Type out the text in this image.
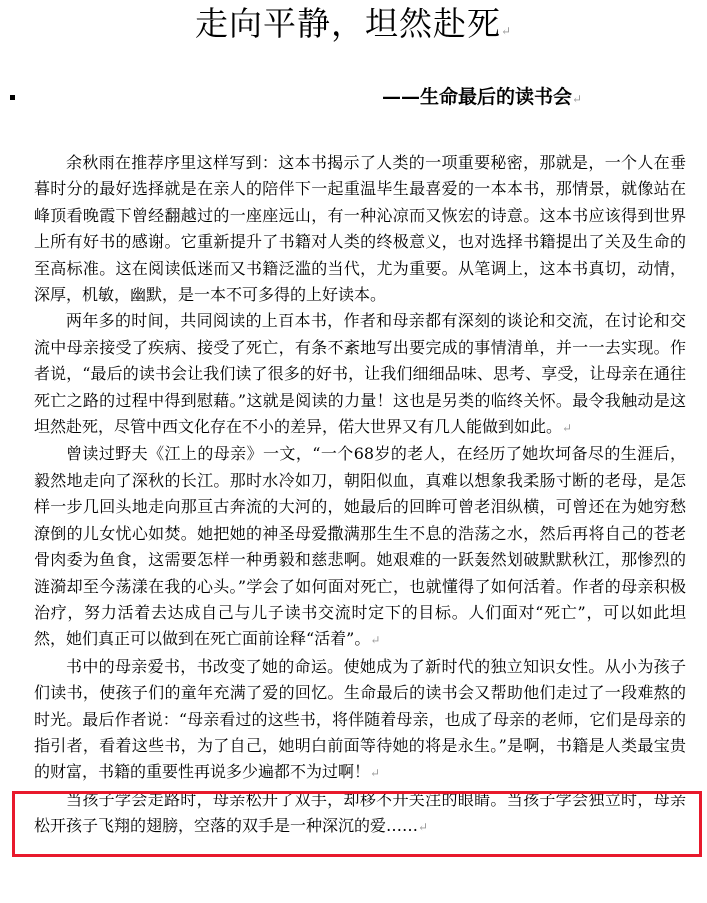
走向平静，坦然赴死↵
——生命最后的读书会↵

余秋雨在推荐序里这样写到：这本书揭示了人类的一项重要秘密，那就是，一个人在垂暮时分的最好选择就是在亲人的陪伴下一起重温毕生最喜爱的一本本书，那情景，就像站在峰顶看晚霞下曾经翻越过的一座座远山，有一种沁凉而又恢宏的诗意。这本书应该得到世界上所有好书的感谢。它重新提升了书籍对人类的终极意义，也对选择书籍提出了关及生命的至高标准。这在阅读低迷而又书籍泛滥的当代，尤为重要。从笔调上，这本书真切，动情，深厚，机敏，幽默，是一本不可多得的上好读本。

两年多的时间，共同阅读的上百本书，作者和母亲都有深刻的谈论和交流，在讨论和交流中母亲接受了疾病、接受了死亡，有条不紊地写出要完成的事情清单，并一一去实现。作者说，“最后的读书会让我们读了很多的好书，让我们细细品味、思考、享受，让母亲在通往死亡之路的过程中得到慰藉。”这就是阅读的力量！这也是另类的临终关怀。最令我触动是这坦然赴死，尽管中西文化存在不小的差异，偌大世界又有几人能做到如此。↵

曾读过野夫《江上的母亲》一文，“一个68岁的老人，在经历了她坎坷备尽的生涯后，毅然地走向了深秋的长江。那时水冷如刀，朝阳似血，真难以想象我柔肠寸断的老母，是怎样一步几回头地走向那亘古奔流的大河的，她最后的回眸可曾老泪纵横，可曾还在为她穷愁潦倒的儿女忧心如焚。她把她的神圣母爱撒满那生生不息的浩荡之水，然后再将自己的苍老骨肉委为鱼食，这需要怎样一种勇毅和慈悲啊。她艰难的一跃轰然划破默默秋江，那惨烈的涟漪却至今荡漾在我的心头。”学会了如何面对死亡，也就懂得了如何活着。作者的母亲积极治疗，努力活着去达成自己与儿子读书交流时定下的目标。人们面对“死亡”，可以如此坦然，她们真正可以做到在死亡面前诠释“活着”。↵

书中的母亲爱书，书改变了她的命运。使她成为了新时代的独立知识女性。从小为孩子们读书，使孩子们的童年充满了爱的回忆。生命最后的读书会又帮助他们走过了一段难熬的时光。最后作者说：“母亲看过的这些书，将伴随着母亲，也成了母亲的老师，它们是母亲的指引者，看着这些书，为了自己，她明白前面等待她的将是永生。”是啊，书籍是人类最宝贵的财富，书籍的重要性再说多少遍都不为过啊！↵

当孩子学会走路时，母亲松开了双手，却移不开关注的眼睛。当孩子学会独立时，母亲松开孩子飞翔的翅膀，空落的双手是一种深沉的爱……↵
